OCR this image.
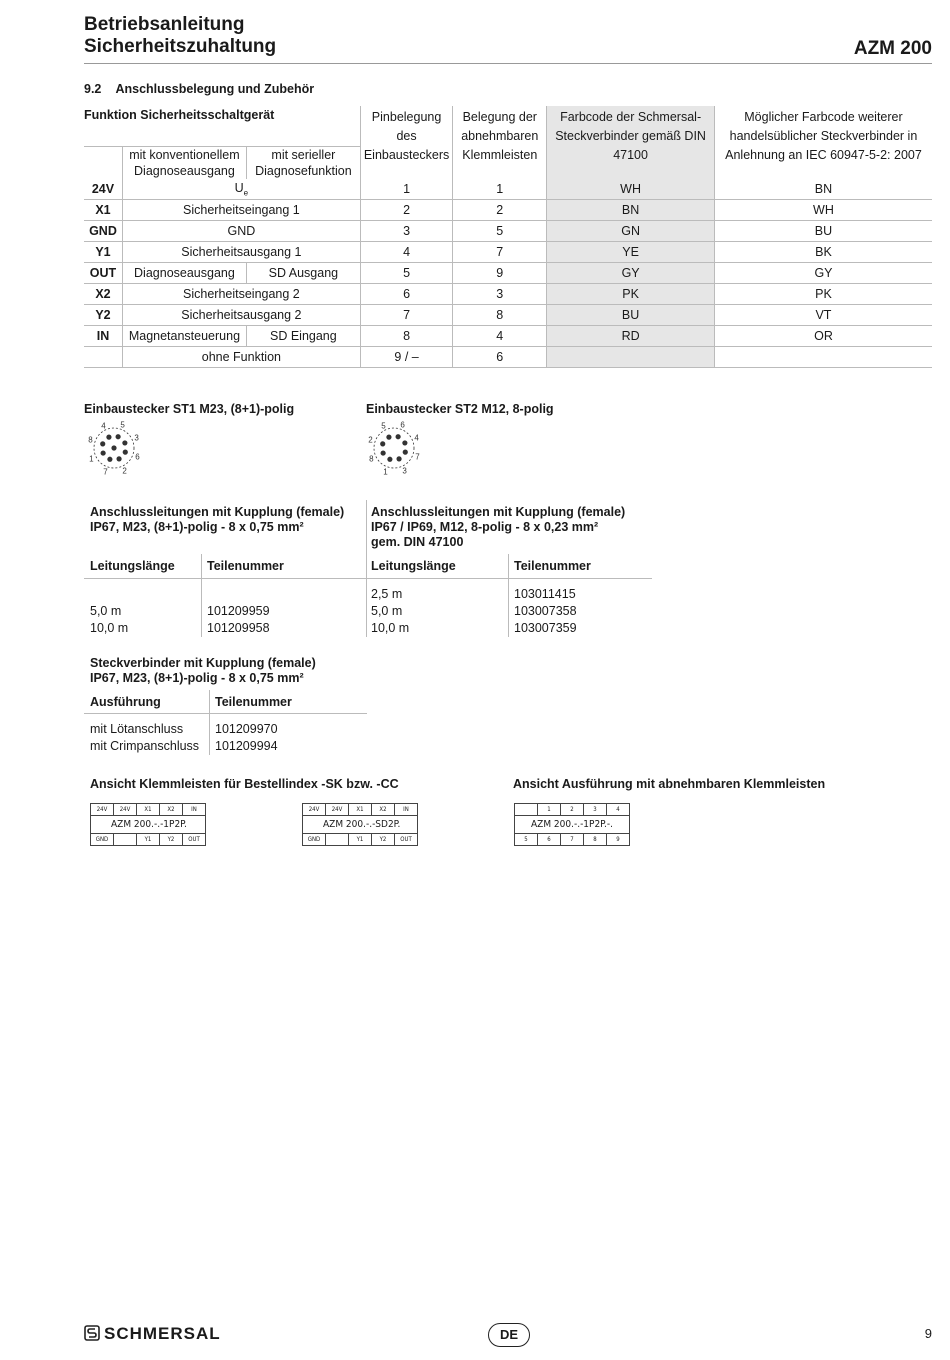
Betriebsanleitung
Sicherheitszuhaltung	AZM 200
9.2 Anschlussbelegung und Zubehör
Funktion Sicherheitsschaltgerät			Pinbelegung des Einbausteckers	Belegung der abnehmbaren Klemmleisten	Farbcode der Schmersal- Steckverbinder gemäß DIN 47100	Möglicher Farbcode weiterer handelsüblicher Steckverbinder in Anlehnung an IEC 60947-5-2: 2007

	mit konventionellem Diagnoseausgang	mit serieller Diagnosefunktion				
24V	$U_e$		1	1	WH	BN
X1	Sicherheitseingang 1		2	2	BN	WH
GND	GND		3	5	GN	BU
Y1	Sicherheitsausgang 1		4	7	YE	BK
OUT	Diagnoseausgang	SD Ausgang	5	9	GY	GY
X2	Sicherheitseingang 2		6	3	PK	PK
Y2	Sicherheitsausgang 2		7	8	BU	VT
IN	Magnetansteuerung	SD Eingang	8	4	RD	OR
	ohne Funktion		9 / –	6		
Einbaustecker ST1 M23, (8+1)-polig	Einbaustecker ST2 M12, 8-polig
4 5
3
6
2
7
1
8
5 6
4
7
3
1
8
2
Anschlussleitungen mit Kupplung (female)
IP67, M23, (8+1)-polig - 8 x 0,75 mm²
Anschlussleitungen mit Kupplung (female)
IP67 / IP69, M12, 8-polig - 8 x 0,23 mm²
gem. DIN 47100
Leitungslänge	Teilenummer	Leitungslänge	Teilenummer
5,0 m	101209959
10,0 m	101209958
2,5 m	103011415
5,0 m	103007358
10,0 m	103007359
Steckverbinder mit Kupplung (female)
IP67, M23, (8+1)-polig - 8 x 0,75 mm²
Ausführung	Teilenummer
mit Lötanschluss	101209970
mit Crimpanschluss 101209994
Ansicht Klemmleisten für Bestellindex -SK bzw. -CC	Ansicht Ausführung mit abnehmbaren Klemmleisten
24V	24V	X1	X2	IN
AZM 200.-.-1P2P.
GND	Y1	Y2	OUT
24V	24V	X1	X2	IN
AZM 200.-.-SD2P.
GND	Y1	Y2	OUT
1	2	3	4
AZM 200.-.-1P2P.-.
5	6	7	8	9
SCHMERSAL	DE	9
